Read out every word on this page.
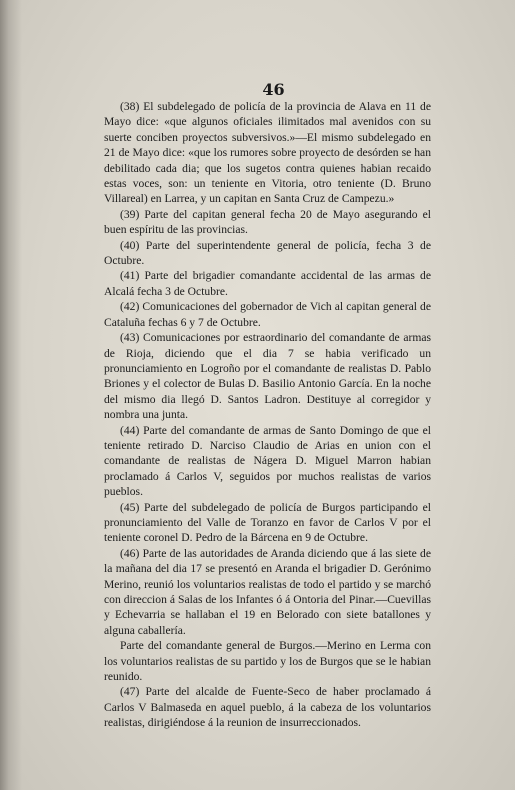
46

(38) El subdelegado de policía de la provincia de Alava en 11 de Mayo dice: «que algunos oficiales ilimitados mal avenidos con su suerte conciben proyectos subversivos.»—El mismo subdelegado en 21 de Mayo dice: «que los rumores sobre proyecto de desórden se han debilitado cada dia; que los sugetos contra quienes habian recaido estas voces, son: un teniente en Vitoria, otro teniente (D. Bruno Villareal) en Larrea, y un capitan en Santa Cruz de Campezu.»

(39) Parte del capitan general fecha 20 de Mayo asegurando el buen espíritu de las provincias.

(40) Parte del superintendente general de policía, fecha 3 de Octubre.

(41) Parte del brigadier comandante accidental de las armas de Alcalá fecha 3 de Octubre.

(42) Comunicaciones del gobernador de Vich al capitan general de Cataluña fechas 6 y 7 de Octubre.

(43) Comunicaciones por estraordinario del comandante de armas de Rioja, diciendo que el dia 7 se habia verificado un pronunciamiento en Logroño por el comandante de realistas D. Pablo Briones y el colector de Bulas D. Basilio Antonio García. En la noche del mismo dia llegó D. Santos Ladron. Destituye al corregidor y nombra una junta.

(44) Parte del comandante de armas de Santo Domingo de que el teniente retirado D. Narciso Claudio de Arias en union con el comandante de realistas de Nágera D. Miguel Marron habian proclamado á Carlos V, seguidos por muchos realistas de varios pueblos.

(45) Parte del subdelegado de policía de Burgos participando el pronunciamiento del Valle de Toranzo en favor de Carlos V por el teniente coronel D. Pedro de la Bárcena en 9 de Octubre.

(46) Parte de las autoridades de Aranda diciendo que á las siete de la mañana del dia 17 se presentó en Aranda el brigadier D. Gerónimo Merino, reunió los voluntarios realistas de todo el partido y se marchó con direccion á Salas de los Infantes ó á Ontoria del Pinar.—Cuevillas y Echevarria se hallaban el 19 en Belorado con siete batallones y alguna caballería.

Parte del comandante general de Burgos.—Merino en Lerma con los voluntarios realistas de su partido y los de Burgos que se le habian reunido.

(47) Parte del alcalde de Fuente-Seco de haber proclamado á Carlos V Balmaseda en aquel pueblo, á la cabeza de los voluntarios realistas, dirigiéndose á la reunion de insurreccionados.
